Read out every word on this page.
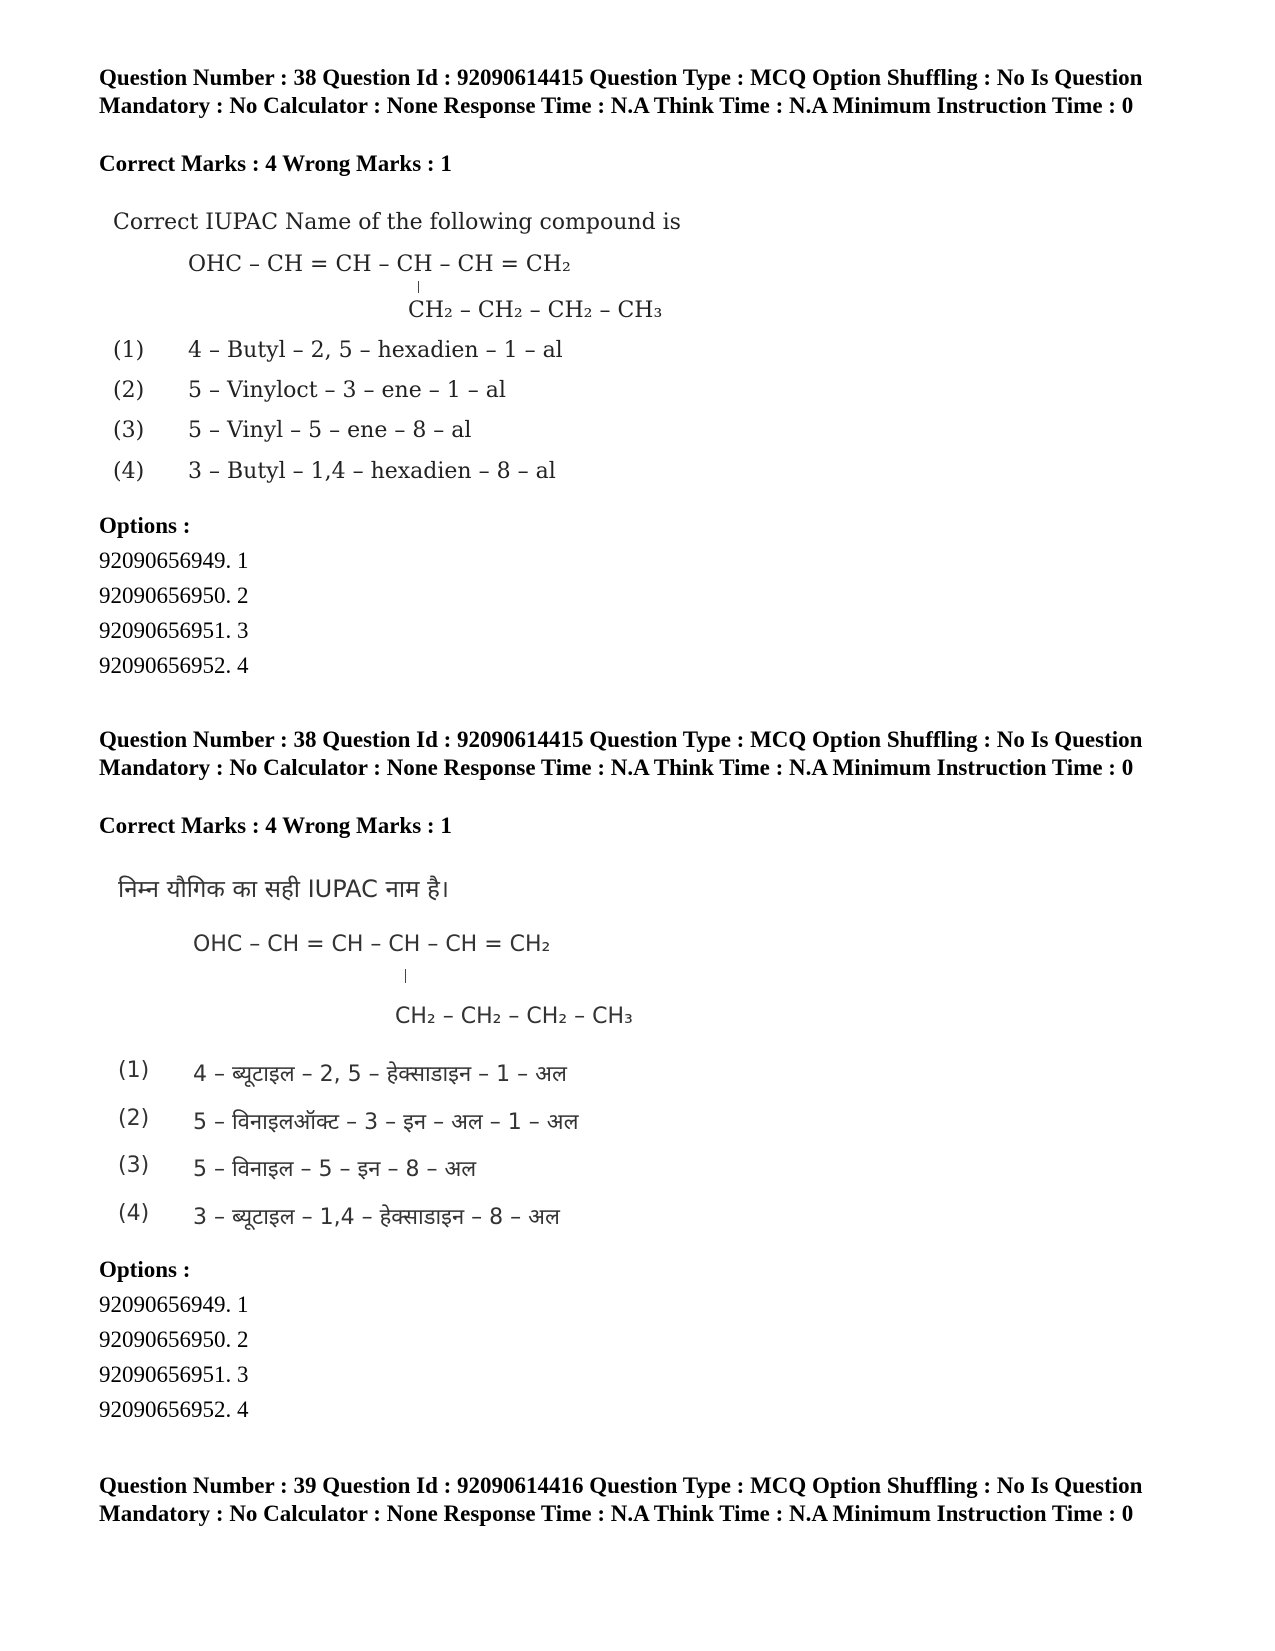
Question Number : 38 Question Id : 92090614415 Question Type : MCQ Option Shuffling : No Is Question Mandatory : No Calculator : None Response Time : N.A Think Time : N.A Minimum Instruction Time : 0

Correct Marks : 4 Wrong Marks : 1

Correct IUPAC Name of the following compound is
OHC – CH = CH – CH – CH = CH₂
CH₂ – CH₂ – CH₂ – CH₃
(1) 4 – Butyl – 2, 5 – hexadien – 1 – al
(2) 5 – Vinyloct – 3 – ene – 1 – al
(3) 5 – Vinyl – 5 – ene – 8 – al
(4) 3 – Butyl – 1,4 – hexadien – 8 – al
Options :
92090656949. 1
92090656950. 2
92090656951. 3
92090656952. 4

Question Number : 38 Question Id : 92090614415 Question Type : MCQ Option Shuffling : No Is Question Mandatory : No Calculator : None Response Time : N.A Think Time : N.A Minimum Instruction Time : 0

Correct Marks : 4 Wrong Marks : 1

निम्न यौगिक का सही IUPAC नाम है।
OHC – CH = CH – CH – CH = CH₂
CH₂ – CH₂ – CH₂ – CH₃
(1) 4 – ब्यूटाइल – 2, 5 – हेक्साडाइन – 1 – अल
(2) 5 – विनाइलऑक्ट – 3 – इन – अल – 1 – अल
(3) 5 – विनाइल – 5 – इन – 8 – अल
(4) 3 – ब्यूटाइल – 1,4 – हेक्साडाइन – 8 – अल
Options :
92090656949. 1
92090656950. 2
92090656951. 3
92090656952. 4

Question Number : 39 Question Id : 92090614416 Question Type : MCQ Option Shuffling : No Is Question Mandatory : No Calculator : None Response Time : N.A Think Time : N.A Minimum Instruction Time : 0
